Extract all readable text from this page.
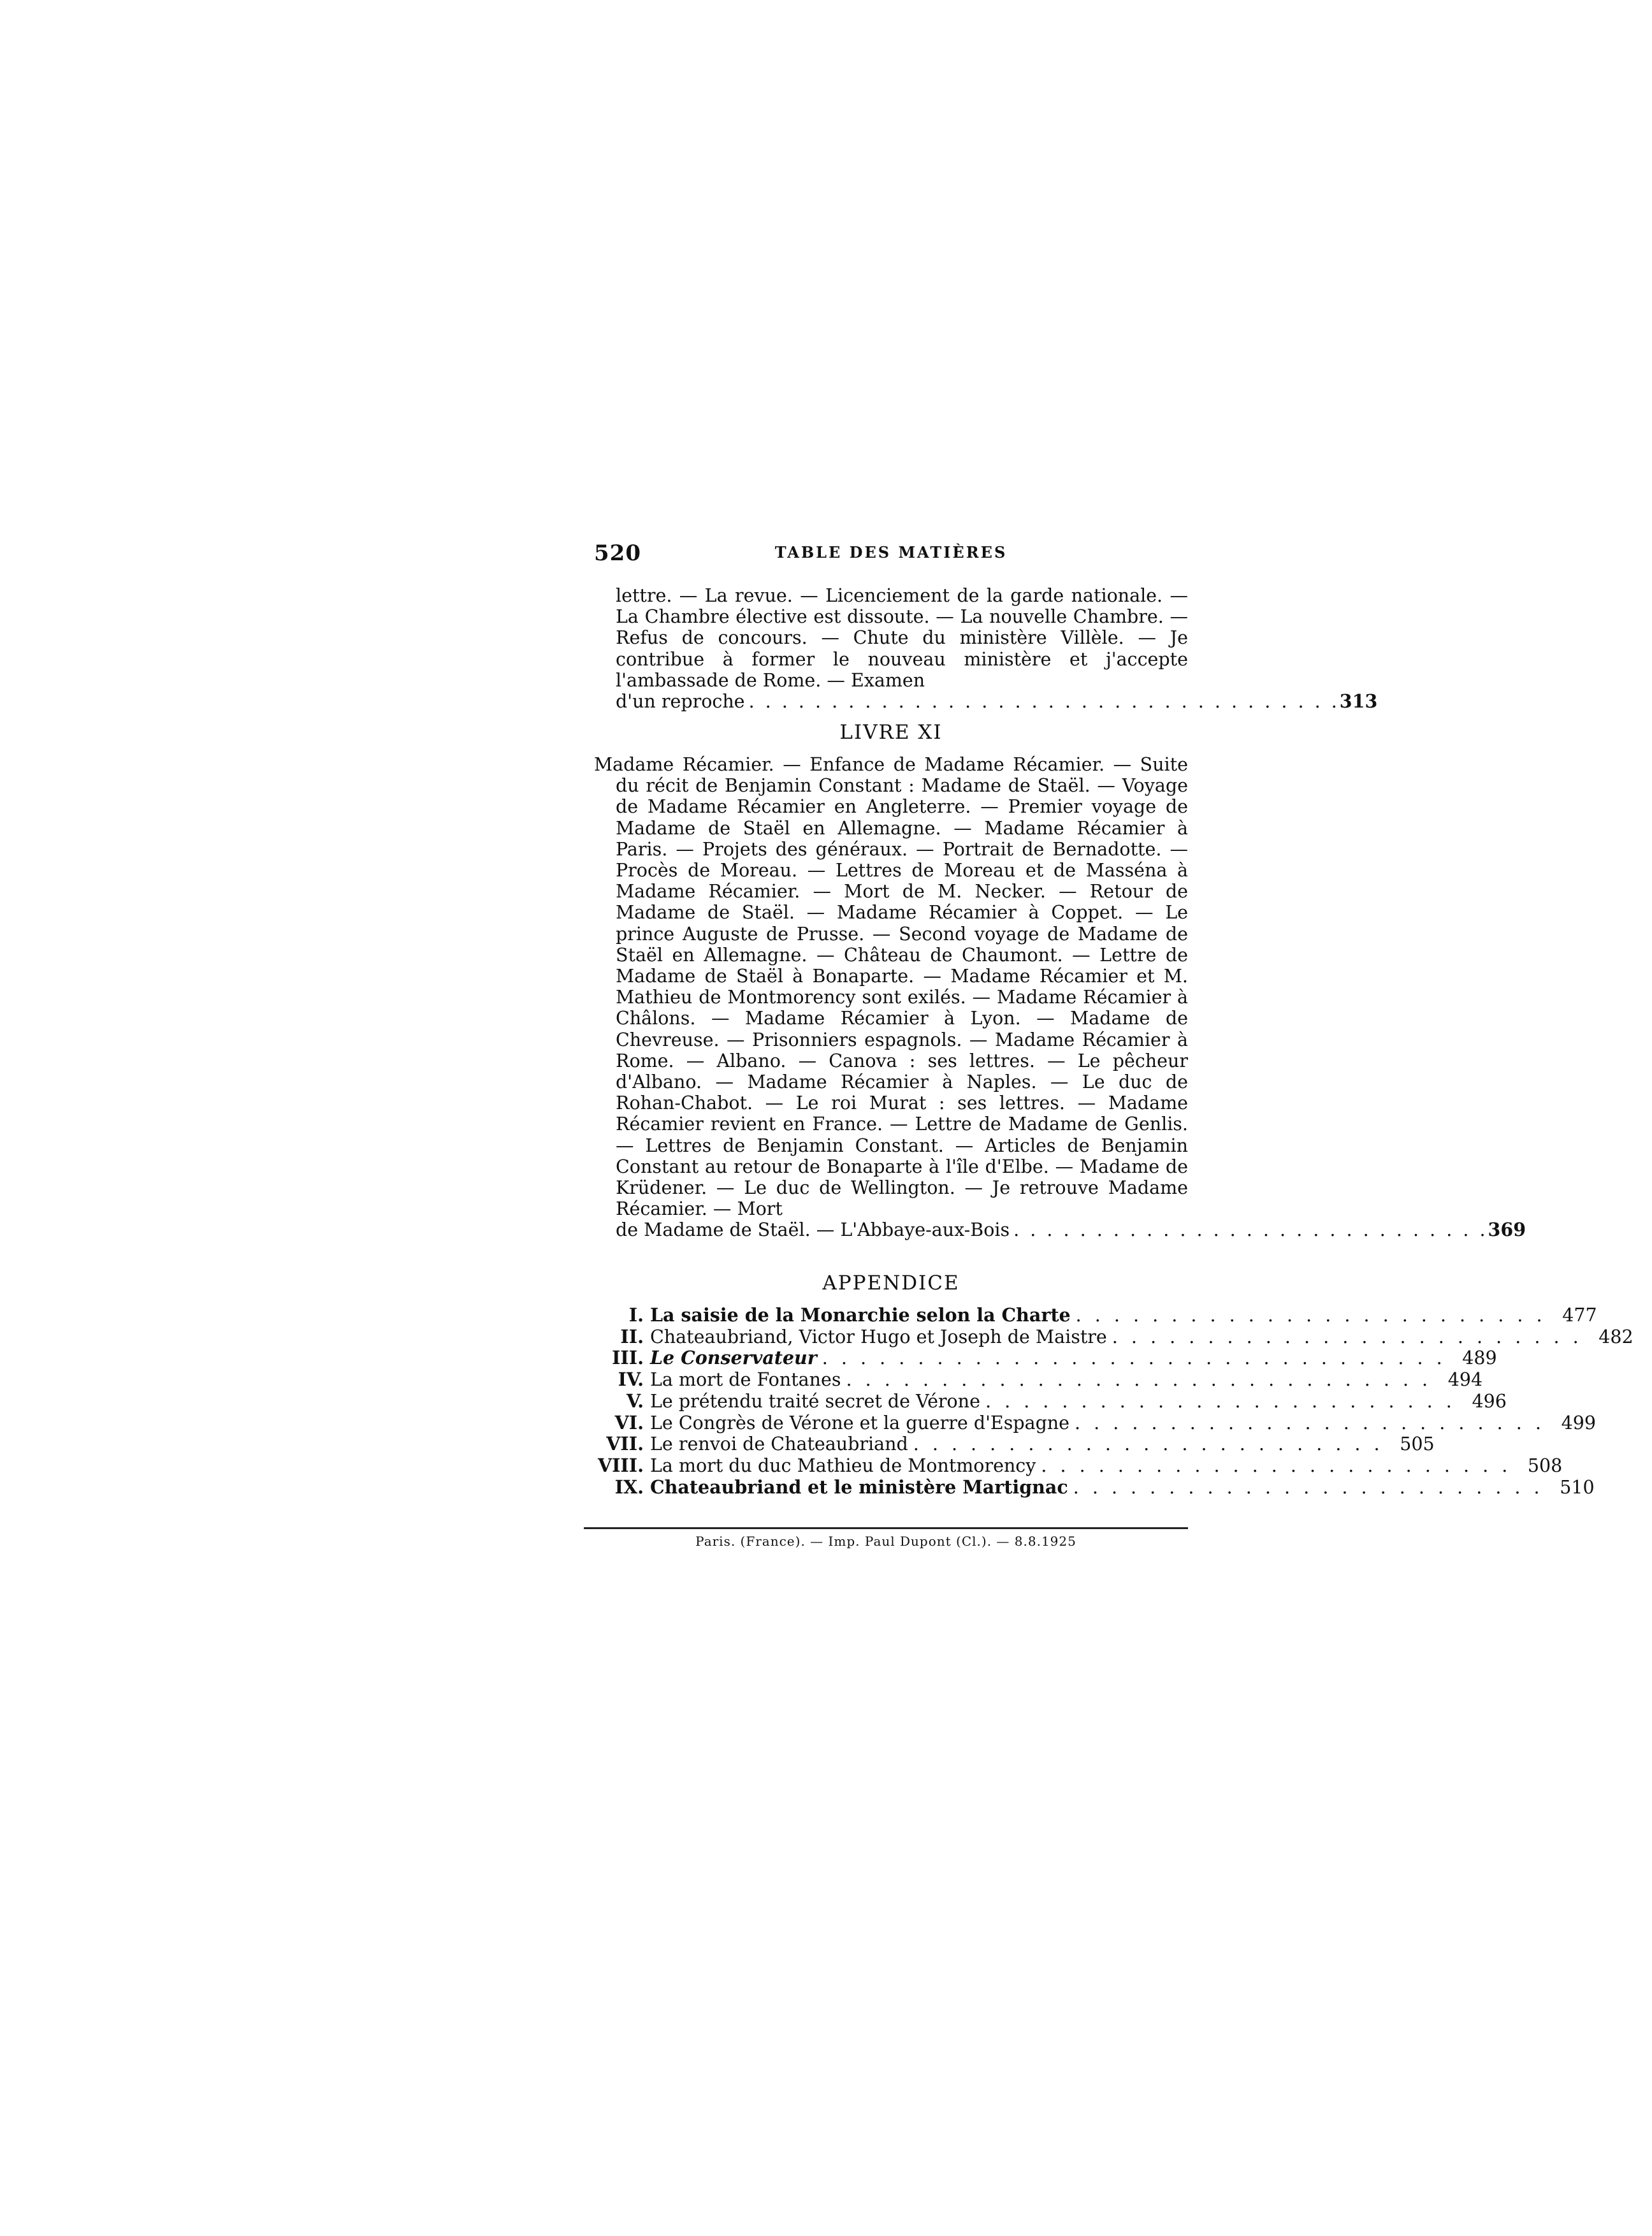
520	TABLE DES MATIÈRES

lettre. — La revue. — Licenciement de la garde nationale. — La Chambre élective est dissoute. — La nouvelle Chambre. — Refus de concours. — Chute du ministère Villèle. — Je contribue à former le nouveau ministère et j'accepte l'ambassade de Rome. — Examen

d'un reproche . . . . . . . . . . . . . . . . . . . . . . . . . . . . . . . . . . . . 313
LIVRE XI

Madame Récamier. — Enfance de Madame Récamier. — Suite du récit de Benjamin Constant : Madame de Staël. — Voyage de Madame Récamier en Angleterre. — Premier voyage de Madame de Staël en Allemagne. — Madame Récamier à Paris. — Projets des généraux. — Portrait de Bernadotte. — Procès de Moreau. — Lettres de Moreau et de Masséna à Madame Récamier. — Mort de M. Necker. — Retour de Madame de Staël. — Madame Récamier à Coppet. — Le prince Auguste de Prusse. — Second voyage de Madame de Staël en Allemagne. — Château de Chaumont. — Lettre de Madame de Staël à Bonaparte. — Madame Récamier et M. Mathieu de Montmorency sont exilés. — Madame Récamier à Châlons. — Madame Récamier à Lyon. — Madame de Chevreuse. — Prisonniers espagnols. — Madame Récamier à Rome. — Albano. — Canova : ses lettres. — Le pêcheur d'Albano. — Madame Récamier à Naples. — Le duc de Rohan-Chabot. — Le roi Murat : ses lettres. — Madame Récamier revient en France. — Lettre de Madame de Genlis. — Lettres de Benjamin Constant. — Articles de Benjamin Constant au retour de Bonaparte à l'île d'Elbe. — Madame de Krüdener. — Le duc de Wellington. — Je retrouve Madame Récamier. — Mort

de Madame de Staël. — L'Abbaye-aux-Bois . . . . . . . . . . . . . . . . . . . . . . . . . . . . . 369
APPENDICE
I. La saisie de la Monarchie selon la Charte . . . . . . . . . . . . . . . . . . . . . . . . . 477
II. Chateaubriand, Victor Hugo et Joseph de Maistre . . . . . . . . . . . . . . . . . . . . . . . . . 482
III. Le Conservateur . . . . . . . . . . . . . . . . . . . . . . . . . . . . . . . . . 489
IV. La mort de Fontanes . . . . . . . . . . . . . . . . . . . . . . . . . . . . . . . 494
V. Le prétendu traité secret de Vérone . . . . . . . . . . . . . . . . . . . . . . . . . 496
VI. Le Congrès de Vérone et la guerre d'Espagne . . . . . . . . . . . . . . . . . . . . . . . . . 499
VII. Le renvoi de Chateaubriand . . . . . . . . . . . . . . . . . . . . . . . . . 505
VIII. La mort du duc Mathieu de Montmorency . . . . . . . . . . . . . . . . . . . . . . . . . 508
IX. Chateaubriand et le ministère Martignac . . . . . . . . . . . . . . . . . . . . . . . . . 510
Paris. (France). — Imp. Paul Dupont (Cl.). — 8.8.1925
